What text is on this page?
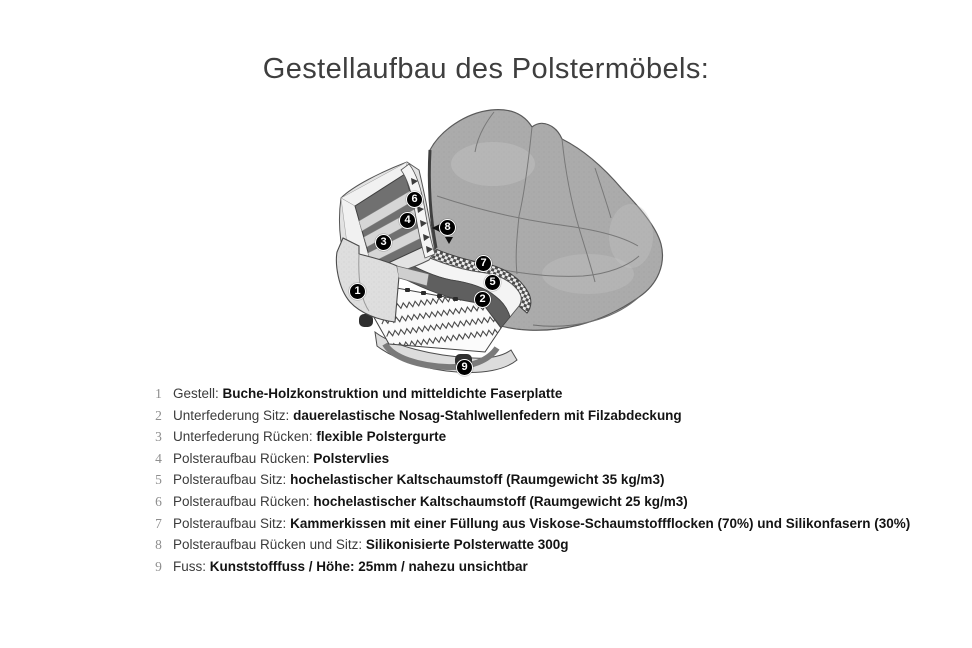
Gestellaufbau des Polstermöbels:
1
2
3
4
5
6
7
8
9
1 Gestell: Buche-Holzkonstruktion und mitteldichte Faserplatte

2 Unterfederung Sitz: dauerelastische Nosag-Stahlwellenfedern mit Filzabdeckung

3 Unterfederung Rücken: flexible Polstergurte

4 Polsteraufbau Rücken: Polstervlies

5 Polsteraufbau Sitz: hochelastischer Kaltschaumstoff (Raumgewicht 35 kg/m3)

6 Polsteraufbau Rücken: hochelastischer Kaltschaumstoff (Raumgewicht 25 kg/m3)

7 Polsteraufbau Sitz: Kammerkissen mit einer Füllung aus Viskose-Schaumstoffflocken (70%) und Silikonfasern (30%)

8 Polsteraufbau Rücken und Sitz: Silikonisierte Polsterwatte 300g

9 Fuss: Kunststofffuss / Höhe: 25mm / nahezu unsichtbar
